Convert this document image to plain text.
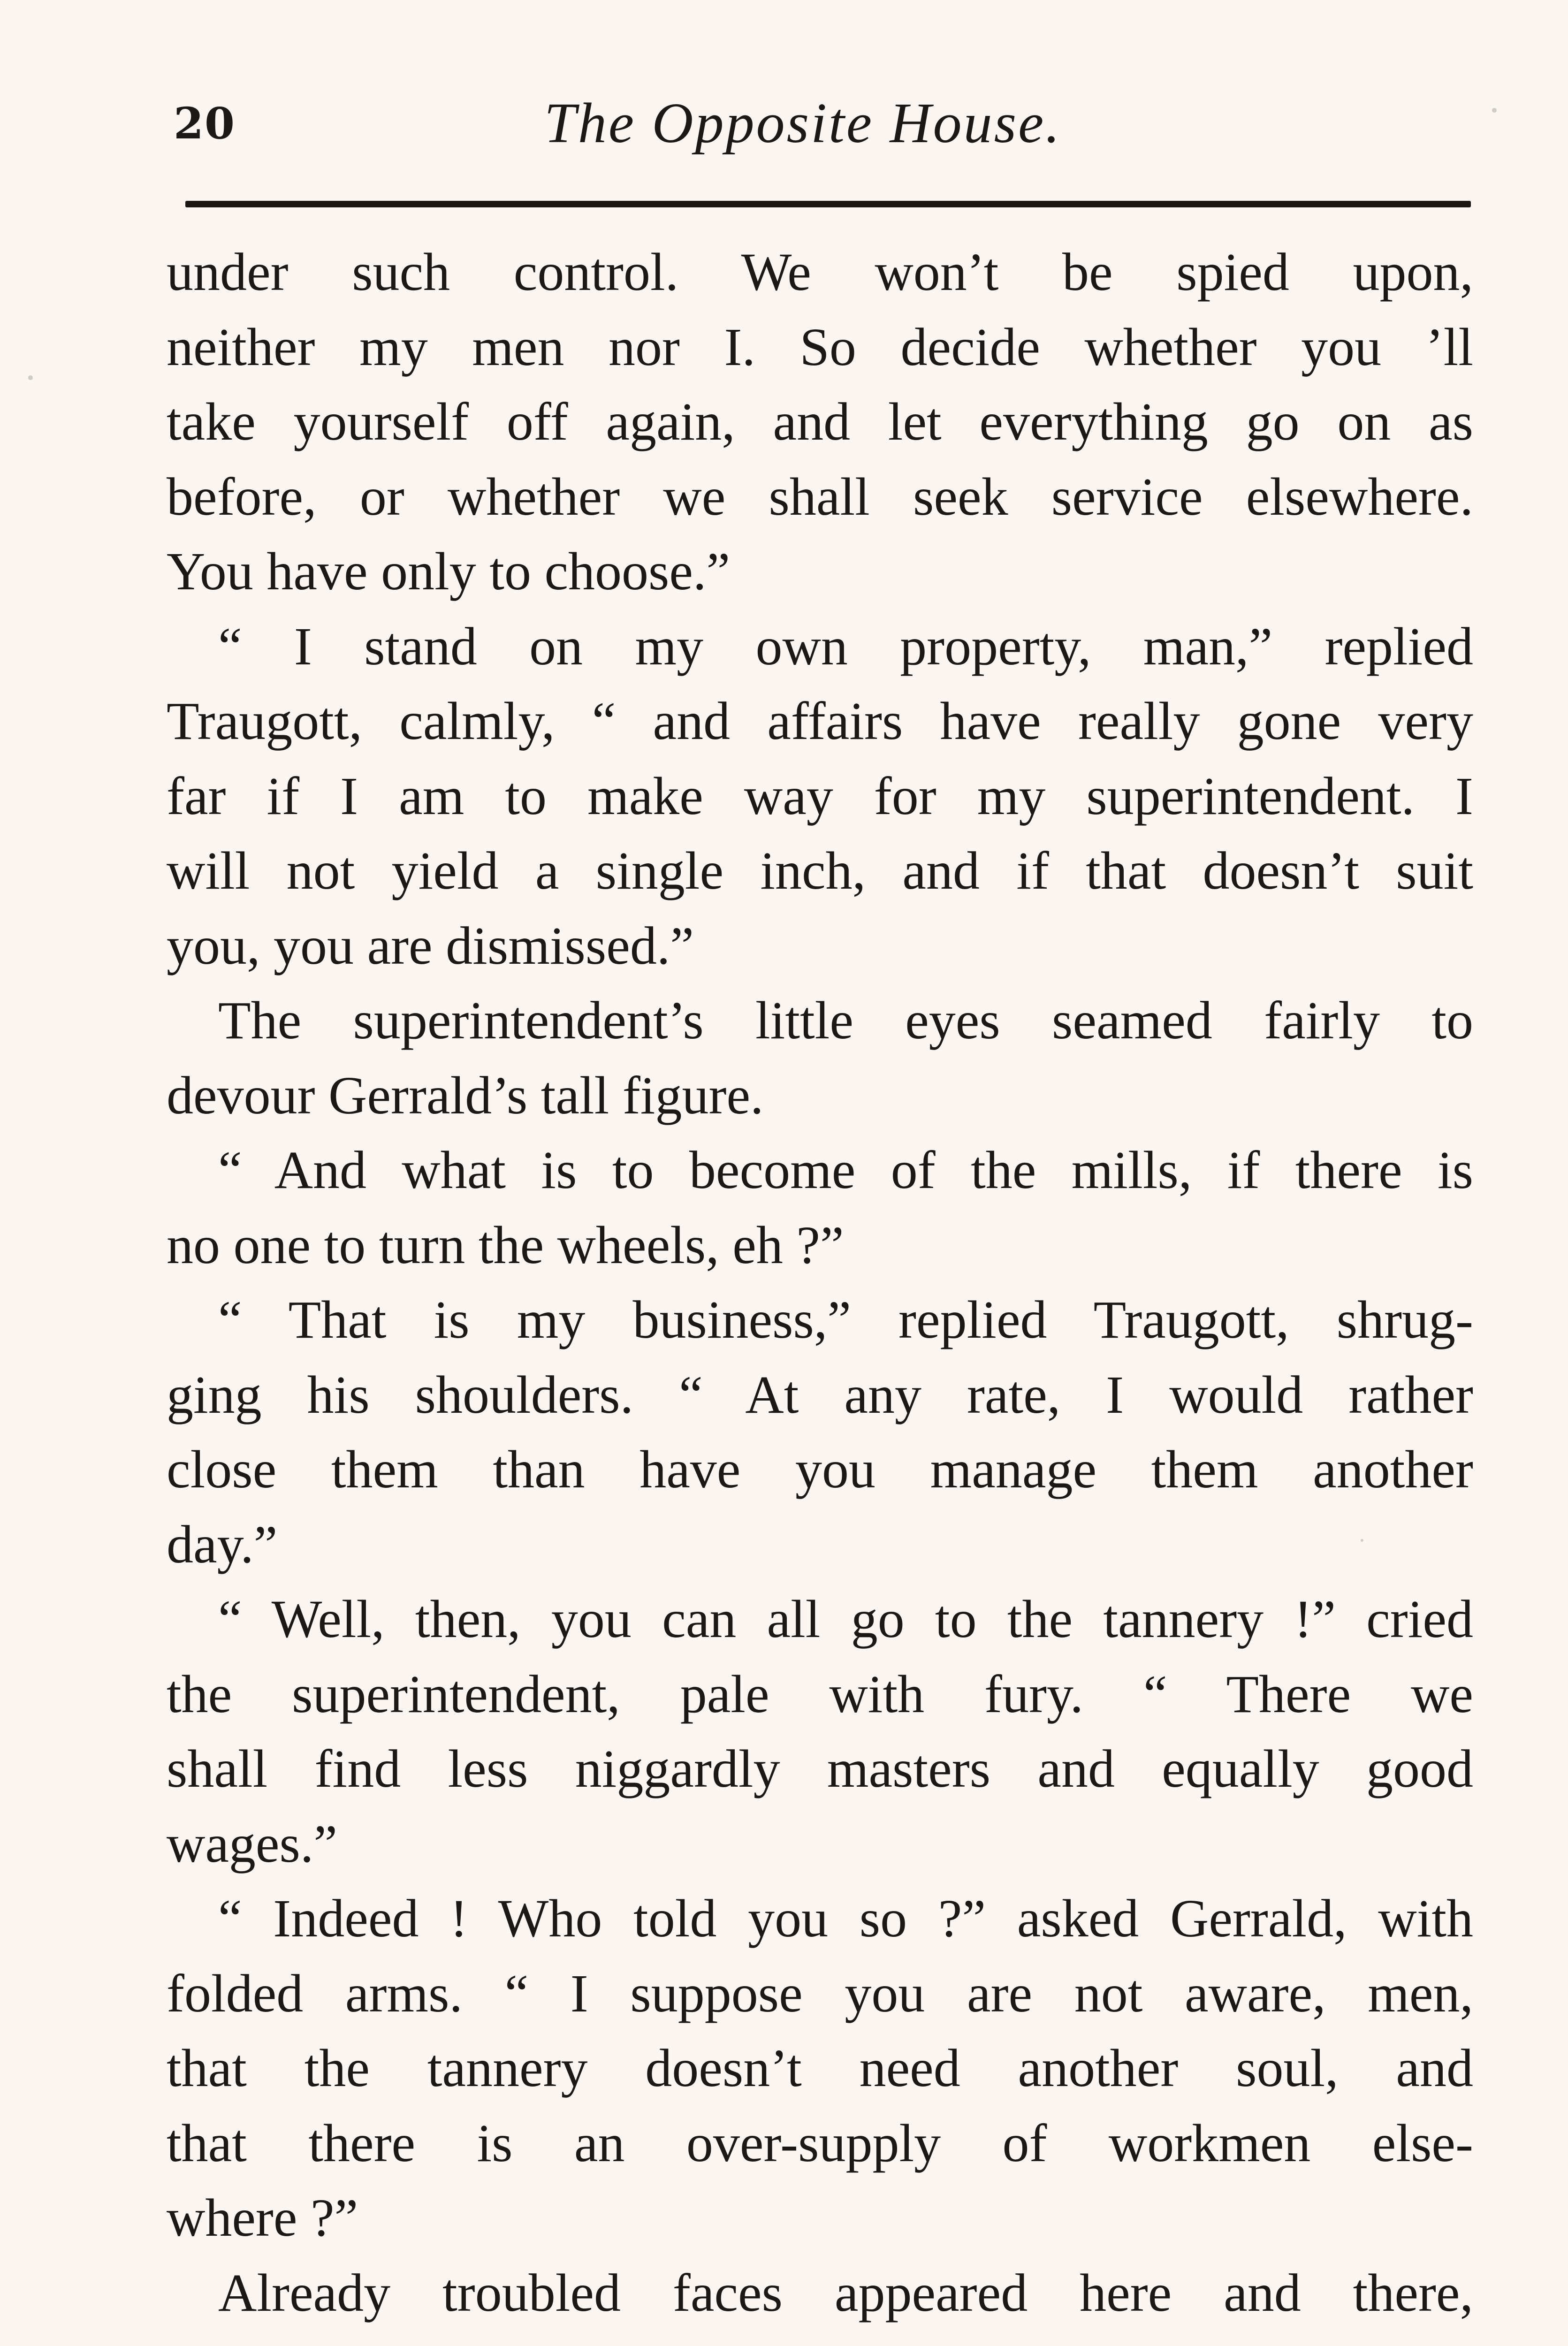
20	The Opposite House.
under such control. We won’t be spied upon,
neither my men nor I. So decide whether you ’ll
take yourself off again, and let everything go on as
before, or whether we shall seek service elsewhere.
You have only to choose.”
“ I stand on my own property, man,” replied
Traugott, calmly, “ and affairs have really gone very
far if I am to make way for my superintendent. I
will not yield a single inch, and if that doesn’t suit
you, you are dismissed.”
The superintendent’s little eyes seamed fairly to
devour Gerrald’s tall figure.
“ And what is to become of the mills, if there is
no one to turn the wheels, eh ?”
“ That is my business,” replied Traugott, shrug-
ging his shoulders. “ At any rate, I would rather
close them than have you manage them another
day.”
“ Well, then, you can all go to the tannery !” cried
the superintendent, pale with fury. “ There we
shall find less niggardly masters and equally good
wages.”
“ Indeed ! Who told you so ?” asked Gerrald, with
folded arms. “ I suppose you are not aware, men,
that the tannery doesn’t need another soul, and
that there is an over-supply of workmen else-
where ?”
Already troubled faces appeared here and there,
